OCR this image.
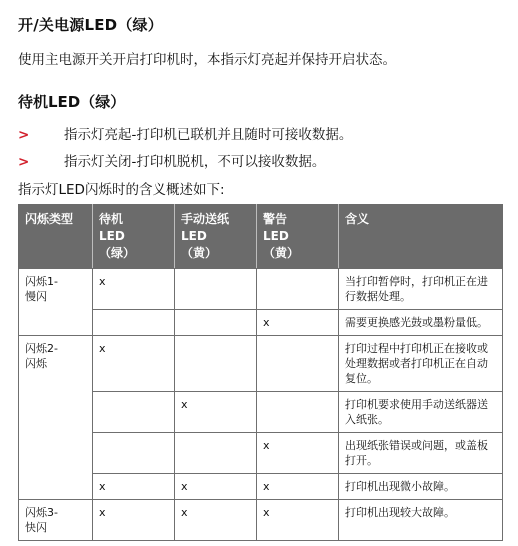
开/关电源LED（绿）
使用主电源开关开启打印机时，本指示灯亮起并保持开启状态。
待机LED（绿）
>	指示灯亮起-打印机已联机并且随时可接收数据。
>	指示灯关闭-打印机脱机，不可以接收数据。
指示灯LED闪烁时的含义概述如下:
闪烁类型	待机
LED
（绿）	手动送纸
LED
（黄）	警告
LED
（黄）	含义
闪烁1-
慢闪	x			当打印暂停时，打印机正在进行数据处理。
			x	需要更换感光鼓或墨粉量低。
闪烁2-
闪烁	x			打印过程中打印机正在接收或处理数据或者打印机正在自动复位。
		x		打印机要求使用手动送纸器送入纸张。
			x	出现纸张错误或问题，或盖板打开。
	x	x	x	打印机出现微小故障。
闪烁3-
快闪	x	x	x	打印机出现较大故障。
